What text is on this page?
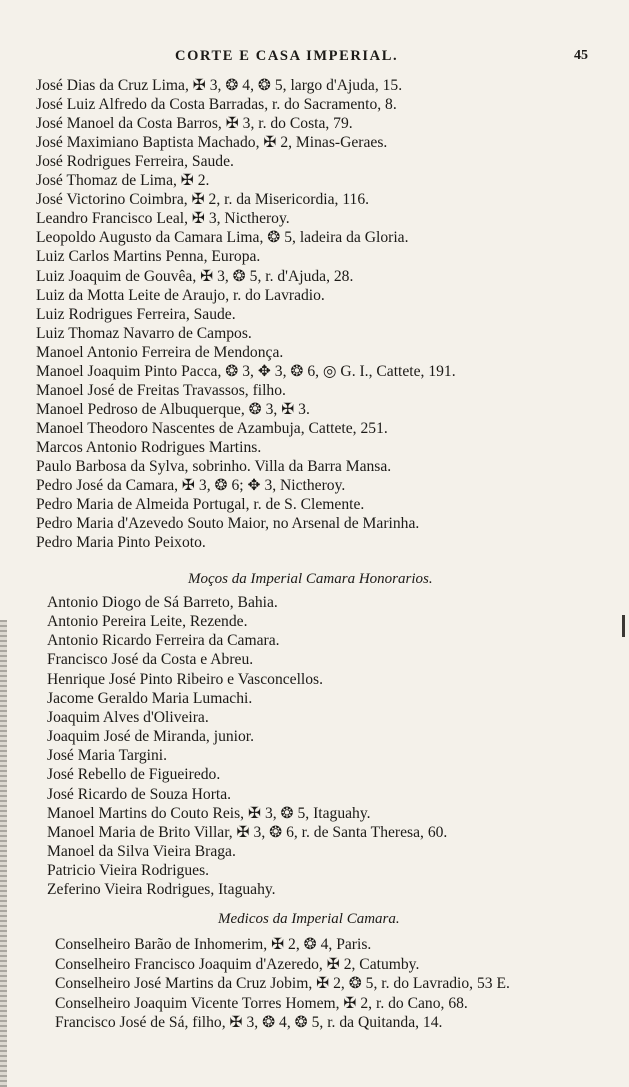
CORTE E CASA IMPERIAL.	45
José Dias da Cruz Lima, ✠ 3, ❂ 4, ❂ 5, largo d'Ajuda, 15.
José Luiz Alfredo da Costa Barradas, r. do Sacramento, 8.
José Manoel da Costa Barros, ✠ 3, r. do Costa, 79.
José Maximiano Baptista Machado, ✠ 2, Minas-Geraes.
José Rodrigues Ferreira, Saude.
José Thomaz de Lima, ✠ 2.
José Victorino Coimbra, ✠ 2, r. da Misericordia, 116.
Leandro Francisco Leal, ✠ 3, Nictheroy.
Leopoldo Augusto da Camara Lima, ❂ 5, ladeira da Gloria.
Luiz Carlos Martins Penna, Europa.
Luiz Joaquim de Gouvêa, ✠ 3, ❂ 5, r. d'Ajuda, 28.
Luiz da Motta Leite de Araujo, r. do Lavradio.
Luiz Rodrigues Ferreira, Saude.
Luiz Thomaz Navarro de Campos.
Manoel Antonio Ferreira de Mendonça.
Manoel Joaquim Pinto Pacca, ❂ 3, ✥ 3, ❂ 6, ◎ G. I., Cattete, 191.
Manoel José de Freitas Travassos, filho.
Manoel Pedroso de Albuquerque, ❂ 3, ✠ 3.
Manoel Theodoro Nascentes de Azambuja, Cattete, 251.
Marcos Antonio Rodrigues Martins.
Paulo Barbosa da Sylva, sobrinho. Villa da Barra Mansa.
Pedro José da Camara, ✠ 3, ❂ 6; ✥ 3, Nictheroy.
Pedro Maria de Almeida Portugal, r. de S. Clemente.
Pedro Maria d'Azevedo Souto Maior, no Arsenal de Marinha.
Pedro Maria Pinto Peixoto.
Moços da Imperial Camara Honorarios.
Antonio Diogo de Sá Barreto, Bahia.
Antonio Pereira Leite, Rezende.
Antonio Ricardo Ferreira da Camara.
Francisco José da Costa e Abreu.
Henrique José Pinto Ribeiro e Vasconcellos.
Jacome Geraldo Maria Lumachi.
Joaquim Alves d'Oliveira.
Joaquim José de Miranda, junior.
José Maria Targini.
José Rebello de Figueiredo.
José Ricardo de Souza Horta.
Manoel Martins do Couto Reis, ✠ 3, ❂ 5, Itaguahy.
Manoel Maria de Brito Villar, ✠ 3, ❂ 6, r. de Santa Theresa, 60.
Manoel da Silva Vieira Braga.
Patricio Vieira Rodrigues.
Zeferino Vieira Rodrigues, Itaguahy.
Medicos da Imperial Camara.
Conselheiro Barão de Inhomerim, ✠ 2, ❂ 4, Paris.
Conselheiro Francisco Joaquim d'Azeredo, ✠ 2, Catumby.
Conselheiro José Martins da Cruz Jobim, ✠ 2, ❂ 5, r. do Lavradio, 53 E.
Conselheiro Joaquim Vicente Torres Homem, ✠ 2, r. do Cano, 68.
Francisco José de Sá, filho, ✠ 3, ❂ 4, ❂ 5, r. da Quitanda, 14.
